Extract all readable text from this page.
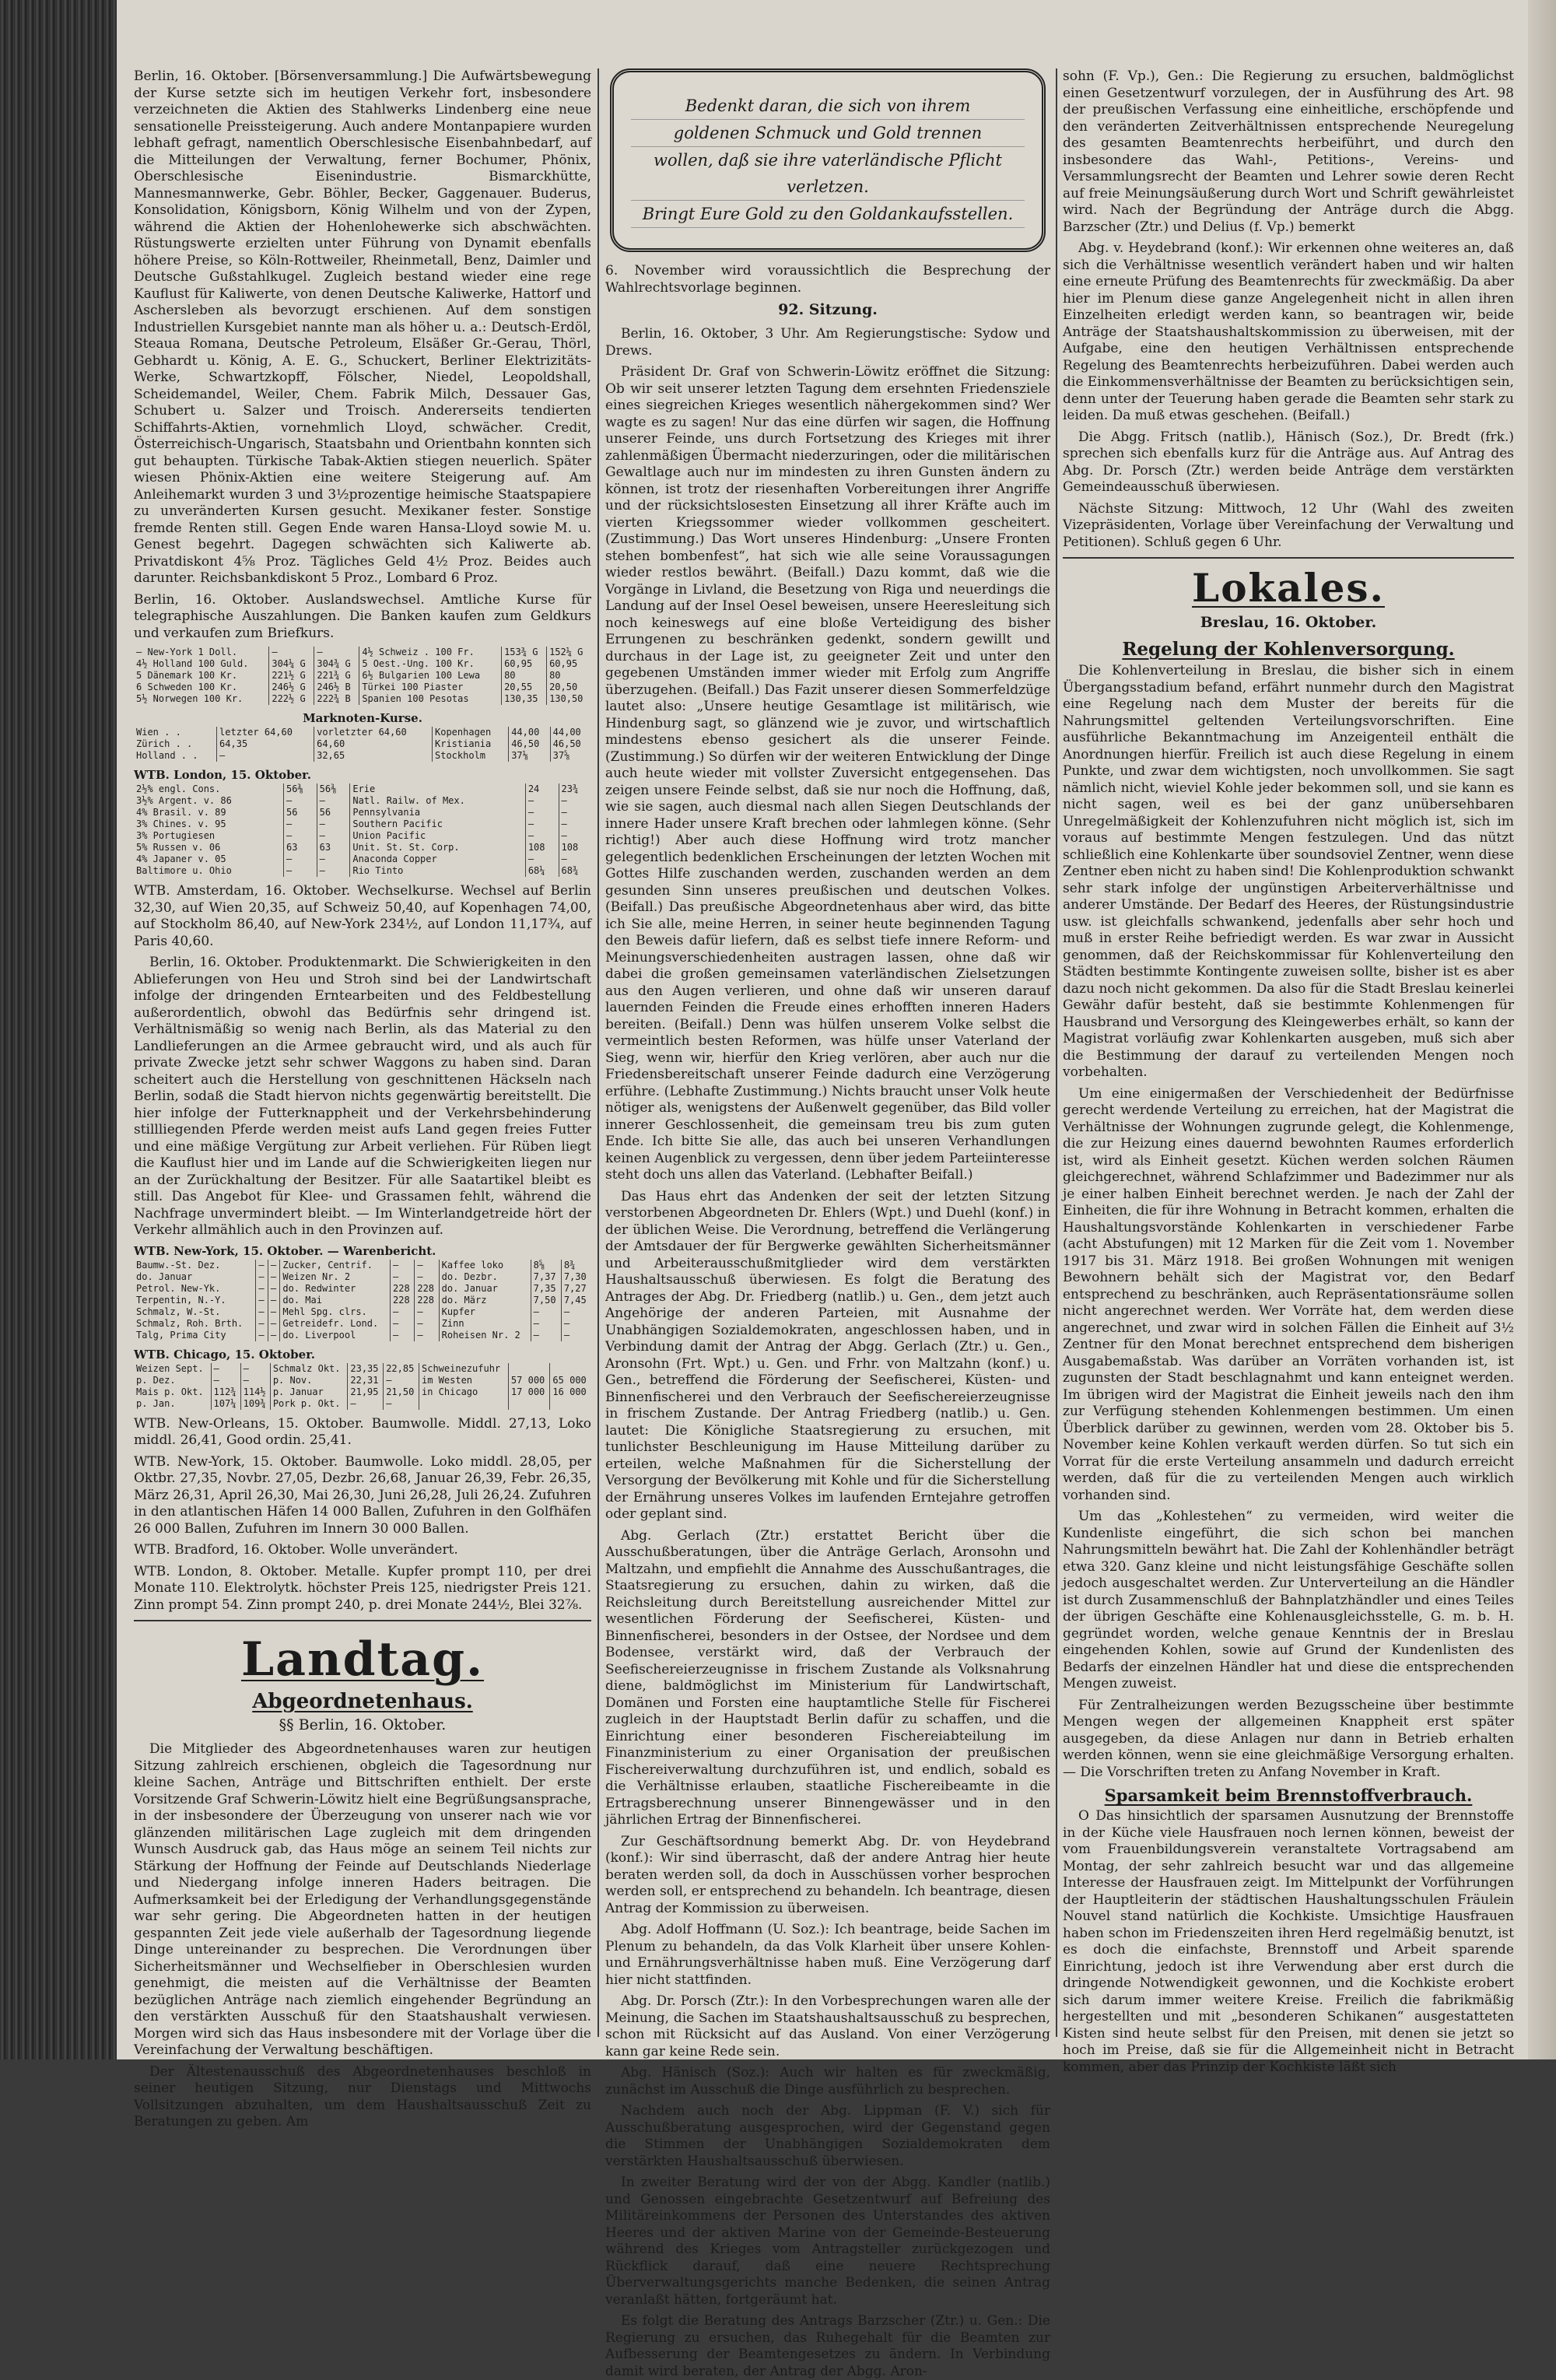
Berlin, 16. Oktober. [Börsenversammlung.] Die Aufwärtsbewegung der Kurse setzte sich im heutigen Verkehr fort, insbesondere verzeichneten die Aktien des Stahlwerks Lindenberg eine neue sensationelle Preissteigerung. Auch andere Montanpapiere wurden lebhaft gefragt, namentlich Oberschlesische Eisenbahnbedarf, auf die Mitteilungen der Verwaltung, ferner Bochumer, Phönix, Oberschlesische Eisenindustrie. Bismarckhütte, Mannesmannwerke, Gebr. Böhler, Becker, Gaggenauer. Buderus, Konsolidation, Königsborn, König Wilhelm und von der Zypen, während die Aktien der Hohenlohewerke sich abschwächten. Rüstungswerte erzielten unter Führung von Dynamit ebenfalls höhere Preise, so Köln-Rottweiler, Rheinmetall, Benz, Daimler und Deutsche Gußstahlkugel. Zugleich bestand wieder eine rege Kauflust für Kaliwerte, von denen Deutsche Kaliwerke, Hattorf und Aschersleben als bevorzugt erschienen. Auf dem sonstigen Industriellen Kursgebiet nannte man als höher u. a.: Deutsch-Erdöl, Steaua Romana, Deutsche Petroleum, Elsäßer Gr.-Gerau, Thörl, Gebhardt u. König, A. E. G., Schuckert, Berliner Elektrizitäts-Werke, Schwartzkopff, Fölscher, Niedel, Leopoldshall, Scheidemandel, Weiler, Chem. Fabrik Milch, Dessauer Gas, Schubert u. Salzer und Troisch. Andererseits tendierten Schiffahrts-Aktien, vornehmlich Lloyd, schwächer. Credit, Österreichisch-Ungarisch, Staatsbahn und Orientbahn konnten sich gut behaupten. Türkische Tabak-Aktien stiegen neuerlich. Später wiesen Phönix-Aktien eine weitere Steigerung auf. Am Anleihemarkt wurden 3 und 3½prozentige heimische Staatspapiere zu unveränderten Kursen gesucht. Mexikaner fester. Sonstige fremde Renten still. Gegen Ende waren Hansa-Lloyd sowie M. u. Genest begehrt. Dagegen schwächten sich Kaliwerte ab. Privatdiskont 4⅝ Proz. Tägliches Geld 4½ Proz. Beides auch darunter. Reichsbankdiskont 5 Proz., Lombard 6 Proz.

Berlin, 16. Oktober. Auslandswechsel. Amtliche Kurse für telegraphische Auszahlungen. Die Banken kaufen zum Geldkurs und verkaufen zum Briefkurs.

— New-York 1 Doll.	—	—	4½ Schweiz . 100 Fr.	153¾ G	152¼ G
4½ Holland 100 Guld.	304¼ G	304¾ G	5 Oest.-Ung. 100 Kr.	60,95	60,95
5 Dänemark 100 Kr.	221½ G	221¾ G	6½ Bulgarien 100 Lewa	80	80
6 Schweden 100 Kr.	246½ G	246½ B	Türkei 100 Piaster	20,55	20,50
5½ Norwegen 100 Kr.	222½ G	222¾ B	Spanien 100 Pesotas	130,35	130,50
Marknoten-Kurse.
Wien . .	letzter 64,60	vorletzter 64,60	Kopenhagen	44,00	44,00
Zürich . .	64,35	64,60	Kristiania	46,50	46,50
Holland . .	—	32,65	Stockholm	37⅛	37⅝
WTB. London, 15. Oktober.
2½% engl. Cons.	56⅜	56⅜	Erie	24	23¾
3½% Argent. v. 86	—	—	Natl. Railw. of Mex.	—	—
4% Brasil. v. 89	56	56	Pennsylvania	—	—
3% Chines. v. 95	—	—	Southern Pacific	—	—
3% Portugiesen	—	—	Union Pacific	—	—
5% Russen v. 06	63	63	Unit. St. St. Corp.	108	108
4% Japaner v. 05	—	—	Anaconda Copper	—	—
Baltimore u. Ohio	—	—	Rio Tinto	68¼	68¾

WTB. Amsterdam, 16. Oktober. Wechselkurse. Wechsel auf Berlin 32,30, auf Wien 20,35, auf Schweiz 50,40, auf Kopenhagen 74,00, auf Stockholm 86,40, auf New-York 234½, auf London 11,17¾, auf Paris 40,60.

Berlin, 16. Oktober. Produktenmarkt. Die Schwierigkeiten in den Ablieferungen von Heu und Stroh sind bei der Landwirtschaft infolge der dringenden Erntearbeiten und des Feldbestellung außerordentlich, obwohl das Bedürfnis sehr dringend ist. Verhältnismäßig so wenig nach Berlin, als das Material zu den Landlieferungen an die Armee gebraucht wird, und als auch für private Zwecke jetzt sehr schwer Waggons zu haben sind. Daran scheitert auch die Herstellung von geschnittenen Häckseln nach Berlin, sodaß die Stadt hiervon nichts gegenwärtig bereitstellt. Die hier infolge der Futterknappheit und der Verkehrsbehinderung stillliegenden Pferde werden meist aufs Land gegen freies Futter und eine mäßige Vergütung zur Arbeit verliehen. Für Rüben liegt die Kauflust hier und im Lande auf die Schwierigkeiten liegen nur an der Zurückhaltung der Besitzer. Für alle Saatartikel bleibt es still. Das Angebot für Klee- und Grassamen fehlt, während die Nachfrage unvermindert bleibt. — Im Winterlandgetreide hört der Verkehr allmählich auch in den Provinzen auf.

WTB. New-York, 15. Oktober. — Warenbericht.
Baumw.-St. Dez.	—	—	Zucker, Centrif.	—	—	Kaffee loko	8⅝	8¾
do. Januar	—	—	Weizen Nr. 2	—	—	do. Dezbr.	7,37	7,30
Petrol. New-Yk.	—	—	do. Redwinter	228	228	do. Januar	7,35	7,27
Terpentin, N.-Y.	—	—	do. Mai	228	228	do. März	7,50	7,45
Schmalz, W.-St.	—	—	Mehl Spg. clrs.	—	—	Kupfer	—	—
Schmalz, Roh. Brth.	—	—	Getreidefr. Lond.	—	—	Zinn	—	—
Talg, Prima City	—	—	do. Liverpool	—	—	Roheisen Nr. 2	—	—
WTB. Chicago, 15. Oktober.
Weizen Sept.	—	—	Schmalz Okt.	23,35	22,85	Schweinezufuhr		
p. Dez.	—	—	p. Nov.	22,31	—	im Westen	57 000	65 000
Mais p. Okt.	112¾	114½	p. Januar	21,95	21,50	in Chicago	17 000	16 000
p. Jan.	107¼	109¾	Pork p. Okt.	—	—			

WTB. New-Orleans, 15. Oktober. Baumwolle. Middl. 27,13, Loko middl. 26,41, Good ordin. 25,41.

WTB. New-York, 15. Oktober. Baumwolle. Loko middl. 28,05, per Oktbr. 27,35, Novbr. 27,05, Dezbr. 26,68, Januar 26,39, Febr. 26,35, März 26,31, April 26,30, Mai 26,30, Juni 26,28, Juli 26,24. Zufuhren in den atlantischen Häfen 14 000 Ballen, Zufuhren in den Golfhäfen 26 000 Ballen, Zufuhren im Innern 30 000 Ballen.

WTB. Bradford, 16. Oktober. Wolle unverändert.

WTB. London, 8. Oktober. Metalle. Kupfer prompt 110, per drei Monate 110. Elektrolytk. höchster Preis 125, niedrigster Preis 121. Zinn prompt 54. Zinn prompt 240, p. drei Monate 244½, Blei 32⅞.

Landtag.
Abgeordnetenhaus.
§§ Berlin, 16. Oktober.

Die Mitglieder des Abgeordnetenhauses waren zur heutigen Sitzung zahlreich erschienen, obgleich die Tagesordnung nur kleine Sachen, Anträge und Bittschriften enthielt. Der erste Vorsitzende Graf Schwerin-Löwitz hielt eine Begrüßungsansprache, in der insbesondere der Überzeugung von unserer nach wie vor glänzenden militärischen Lage zugleich mit dem dringenden Wunsch Ausdruck gab, das Haus möge an seinem Teil nichts zur Stärkung der Hoffnung der Feinde auf Deutschlands Niederlage und Niedergang infolge inneren Haders beitragen. Die Aufmerksamkeit bei der Erledigung der Verhandlungsgegenstände war sehr gering. Die Abgeordneten hatten in der heutigen gespannten Zeit jede viele außerhalb der Tagesordnung liegende Dinge untereinander zu besprechen. Die Verordnungen über Sicherheitsmänner und Wechselfieber in Oberschlesien wurden genehmigt, die meisten auf die Verhältnisse der Beamten bezüglichen Anträge nach ziemlich eingehender Begründung an den verstärkten Ausschuß für den Staatshaushalt verwiesen. Morgen wird sich das Haus insbesondere mit der Vorlage über die Vereinfachung der Verwaltung beschäftigen.

Der Ältestenausschuß des Abgeordnetenhauses beschloß in seiner heutigen Sitzung, nur Dienstags und Mittwochs Vollsitzungen abzuhalten, um dem Haushaltsausschuß Zeit zu Beratungen zu geben. Am

Bedenkt daran, die sich von ihrem
goldenen Schmuck und Gold trennen
wollen, daß sie ihre vaterländische Pflicht verletzen.
Bringt Eure Gold zu den Goldankaufsstellen.

6. November wird voraussichtlich die Besprechung der Wahlrechtsvorlage beginnen.

92. Sitzung.

Berlin, 16. Oktober, 3 Uhr. Am Regierungstische: Sydow und Drews.

Präsident Dr. Graf von Schwerin-Löwitz eröffnet die Sitzung: Ob wir seit unserer letzten Tagung dem ersehnten Friedensziele eines siegreichen Krieges wesentlich nähergekommen sind? Wer wagte es zu sagen! Nur das eine dürfen wir sagen, die Hoffnung unserer Feinde, uns durch Fortsetzung des Krieges mit ihrer zahlenmäßigen Übermacht niederzuringen, oder die militärischen Gewaltlage auch nur im mindesten zu ihren Gunsten ändern zu können, ist trotz der riesenhaften Vorbereitungen ihrer Angriffe und der rücksichtslosesten Einsetzung all ihrer Kräfte auch im vierten Kriegssommer wieder vollkommen gescheitert. (Zustimmung.) Das Wort unseres Hindenburg: „Unsere Fronten stehen bombenfest“, hat sich wie alle seine Voraussagungen wieder restlos bewährt. (Beifall.) Dazu kommt, daß wie die Vorgänge in Livland, die Besetzung von Riga und neuerdings die Landung auf der Insel Oesel beweisen, unsere Heeresleitung sich noch keineswegs auf eine bloße Verteidigung des bisher Errungenen zu beschränken gedenkt, sondern gewillt und durchaus in der Lage ist, zu geeigneter Zeit und unter den gegebenen Umständen immer wieder mit Erfolg zum Angriffe überzugehen. (Beifall.) Das Fazit unserer diesen Sommerfeldzüge lautet also: „Unsere heutige Gesamtlage ist militärisch, wie Hindenburg sagt, so glänzend wie je zuvor, und wirtschaftlich mindestens ebenso gesichert als die unserer Feinde. (Zustimmung.) So dürfen wir der weiteren Entwicklung der Dinge auch heute wieder mit vollster Zuversicht entgegensehen. Das zeigen unsere Feinde selbst, daß sie nur noch die Hoffnung, daß, wie sie sagen, auch diesmal nach allen Siegen Deutschlands der innere Hader unsere Kraft brechen oder lahmlegen könne. (Sehr richtig!) Aber auch diese Hoffnung wird trotz mancher gelegentlich bedenklichen Erscheinungen der letzten Wochen mit Gottes Hilfe zuschanden werden, zuschanden werden an dem gesunden Sinn unseres preußischen und deutschen Volkes. (Beifall.) Das preußische Abgeordnetenhaus aber wird, das bitte ich Sie alle, meine Herren, in seiner heute beginnenden Tagung den Beweis dafür liefern, daß es selbst tiefe innere Reform- und Meinungsverschiedenheiten austragen lassen, ohne daß wir dabei die großen gemeinsamen vaterländischen Zielsetzungen aus den Augen verlieren, und ohne daß wir unseren darauf lauernden Feinden die Freude eines erhofften inneren Haders bereiten. (Beifall.) Denn was hülfen unserem Volke selbst die vermeintlich besten Reformen, was hülfe unser Vaterland der Sieg, wenn wir, hierfür den Krieg verlören, aber auch nur die Friedensbereitschaft unserer Feinde dadurch eine Verzögerung erführe. (Lebhafte Zustimmung.) Nichts braucht unser Volk heute nötiger als, wenigstens der Außenwelt gegenüber, das Bild voller innerer Geschlossenheit, die gemeinsam treu bis zum guten Ende. Ich bitte Sie alle, das auch bei unseren Verhandlungen keinen Augenblick zu vergessen, denn über jedem Parteiinteresse steht doch uns allen das Vaterland. (Lebhafter Beifall.)

Das Haus ehrt das Andenken der seit der letzten Sitzung verstorbenen Abgeordneten Dr. Ehlers (Wpt.) und Duehl (konf.) in der üblichen Weise. Die Verordnung, betreffend die Verlängerung der Amtsdauer der für Bergwerke gewählten Sicherheitsmänner und Arbeiterausschußmitglieder wird dem verstärkten Haushaltsausschuß überwiesen. Es folgt die Beratung des Antrages der Abg. Dr. Friedberg (natlib.) u. Gen., dem jetzt auch Angehörige der anderen Parteien, mit Ausnahme der Unabhängigen Sozialdemokraten, angeschlossen haben, und in Verbindung damit der Antrag der Abgg. Gerlach (Ztr.) u. Gen., Aronsohn (Frt. Wpt.) u. Gen. und Frhr. von Maltzahn (konf.) u. Gen., betreffend die Förderung der Seefischerei, Küsten- und Binnenfischerei und den Verbrauch der Seefischereierzeugnisse in frischem Zustande. Der Antrag Friedberg (natlib.) u. Gen. lautet: Die Königliche Staatsregierung zu ersuchen, mit tunlichster Beschleunigung im Hause Mitteilung darüber zu erteilen, welche Maßnahmen für die Sicherstellung der Versorgung der Bevölkerung mit Kohle und für die Sicherstellung der Ernährung unseres Volkes im laufenden Erntejahre getroffen oder geplant sind.

Abg. Gerlach (Ztr.) erstattet Bericht über die Ausschußberatungen, über die Anträge Gerlach, Aronsohn und Maltzahn, und empfiehlt die Annahme des Ausschußantrages, die Staatsregierung zu ersuchen, dahin zu wirken, daß die Reichsleitung durch Bereitstellung ausreichender Mittel zur wesentlichen Förderung der Seefischerei, Küsten- und Binnenfischerei, besonders in der Ostsee, der Nordsee und dem Bodensee, verstärkt wird, daß der Verbrauch der Seefischereierzeugnisse in frischem Zustande als Volksnahrung diene, baldmöglichst im Ministerium für Landwirtschaft, Domänen und Forsten eine hauptamtliche Stelle für Fischerei zugleich in der Hauptstadt Berlin dafür zu schaffen, und die Einrichtung einer besonderen Fischereiabteilung im Finanzministerium zu einer Organisation der preußischen Fischereiverwaltung durchzuführen ist, und endlich, sobald es die Verhältnisse erlauben, staatliche Fischereibeamte in die Ertragsberechnung unserer Binnengewässer und in den jährlichen Ertrag der Binnenfischerei.

Zur Geschäftsordnung bemerkt Abg. Dr. von Heydebrand (konf.): Wir sind überrascht, daß der andere Antrag hier heute beraten werden soll, da doch in Ausschüssen vorher besprochen werden soll, er entsprechend zu behandeln. Ich beantrage, diesen Antrag der Kommission zu überweisen.

Abg. Adolf Hoffmann (U. Soz.): Ich beantrage, beide Sachen im Plenum zu behandeln, da das Volk Klarheit über unsere Kohlen- und Ernährungsverhältnisse haben muß. Eine Verzögerung darf hier nicht stattfinden.

Abg. Dr. Porsch (Ztr.): In den Vorbesprechungen waren alle der Meinung, die Sachen im Staatshaushaltsausschuß zu besprechen, schon mit Rücksicht auf das Ausland. Von einer Verzögerung kann gar keine Rede sein.

Abg. Hänisch (Soz.): Auch wir halten es für zweckmäßig, zunächst im Ausschuß die Dinge ausführlich zu besprechen.

Nachdem auch noch der Abg. Lippman (F. V.) sich für Ausschußberatung ausgesprochen, wird der Gegenstand gegen die Stimmen der Unabhängigen Sozialdemokraten dem verstärkten Haushaltsausschuß überwiesen.

In zweiter Beratung wird der von der Abgg. Kandler (natlib.) und Genossen eingebrachte Gesetzentwurf auf Befreiung des Militäreinkommens der Personen des Unterstandes des aktiven Heeres und der aktiven Marine von der Gemeinde-Besteuerung während des Krieges vom Antragsteller zurückgezogen und Rückflick darauf, daß eine neuere Rechtsprechung Überverwaltungsgerichts manche Bedenken, die seinen Antrag veranlaßt hätten, fortgeräumt hat.

Es folgt die Beratung des Antrags Barzscher (Ztr.) u. Gen.: Die Regierung zu ersuchen, das Ruhegehalt für die Beamten zur Aufbesserung der Beamtengesetzes zu ändern. In Verbindung damit wird beraten, der Antrag der Abgg. Aron-

sohn (F. Vp.), Gen.: Die Regierung zu ersuchen, baldmöglichst einen Gesetzentwurf vorzulegen, der in Ausführung des Art. 98 der preußischen Verfassung eine einheitliche, erschöpfende und den veränderten Zeitverhältnissen entsprechende Neuregelung des gesamten Beamtenrechts herbeiführt, und durch den insbesondere das Wahl-, Petitions-, Vereins- und Versammlungsrecht der Beamten und Lehrer sowie deren Recht auf freie Meinungsäußerung durch Wort und Schrift gewährleistet wird. Nach der Begründung der Anträge durch die Abgg. Barzscher (Ztr.) und Delius (f. Vp.) bemerkt

Abg. v. Heydebrand (konf.): Wir erkennen ohne weiteres an, daß sich die Verhältnisse wesentlich verändert haben und wir halten eine erneute Prüfung des Beamtenrechts für zweckmäßig. Da aber hier im Plenum diese ganze Angelegenheit nicht in allen ihren Einzelheiten erledigt werden kann, so beantragen wir, beide Anträge der Staatshaushaltskommission zu überweisen, mit der Aufgabe, eine den heutigen Verhältnissen entsprechende Regelung des Beamtenrechts herbeizuführen. Dabei werden auch die Einkommensverhältnisse der Beamten zu berücksichtigen sein, denn unter der Teuerung haben gerade die Beamten sehr stark zu leiden. Da muß etwas geschehen. (Beifall.)

Die Abgg. Fritsch (natlib.), Hänisch (Soz.), Dr. Bredt (frk.) sprechen sich ebenfalls kurz für die Anträge aus. Auf Antrag des Abg. Dr. Porsch (Ztr.) werden beide Anträge dem verstärkten Gemeindeausschuß überwiesen.

Nächste Sitzung: Mittwoch, 12 Uhr (Wahl des zweiten Vizepräsidenten, Vorlage über Vereinfachung der Verwaltung und Petitionen). Schluß gegen 6 Uhr.

Lokales.
Breslau, 16. Oktober.
Regelung der Kohlenversorgung.

Die Kohlenverteilung in Breslau, die bisher sich in einem Übergangsstadium befand, erfährt nunmehr durch den Magistrat eine Regelung nach dem Muster der bereits für die Nahrungsmittel geltenden Verteilungsvorschriften. Eine ausführliche Bekanntmachung im Anzeigenteil enthält die Anordnungen hierfür. Freilich ist auch diese Regelung in einem Punkte, und zwar dem wichtigsten, noch unvollkommen. Sie sagt nämlich nicht, wieviel Kohle jeder bekommen soll, und sie kann es nicht sagen, weil es bei der ganz unübersehbaren Unregelmäßigkeit der Kohlenzufuhren nicht möglich ist, sich im voraus auf bestimmte Mengen festzulegen. Und das nützt schließlich eine Kohlenkarte über soundsoviel Zentner, wenn diese Zentner eben nicht zu haben sind! Die Kohlenproduktion schwankt sehr stark infolge der ungünstigen Arbeiterverhältnisse und anderer Umstände. Der Bedarf des Heeres, der Rüstungsindustrie usw. ist gleichfalls schwankend, jedenfalls aber sehr hoch und muß in erster Reihe befriedigt werden. Es war zwar in Aussicht genommen, daß der Reichskommissar für Kohlenverteilung den Städten bestimmte Kontingente zuweisen sollte, bisher ist es aber dazu noch nicht gekommen. Da also für die Stadt Breslau keinerlei Gewähr dafür besteht, daß sie bestimmte Kohlenmengen für Hausbrand und Versorgung des Kleingewerbes erhält, so kann der Magistrat vorläufig zwar Kohlenkarten ausgeben, muß sich aber die Bestimmung der darauf zu verteilenden Mengen noch vorbehalten.

Um eine einigermaßen der Verschiedenheit der Bedürfnisse gerecht werdende Verteilung zu erreichen, hat der Magistrat die Verhältnisse der Wohnungen zugrunde gelegt, die Kohlenmenge, die zur Heizung eines dauernd bewohnten Raumes erforderlich ist, wird als Einheit gesetzt. Küchen werden solchen Räumen gleichgerechnet, während Schlafzimmer und Badezimmer nur als je einer halben Einheit berechnet werden. Je nach der Zahl der Einheiten, die für ihre Wohnung in Betracht kommen, erhalten die Haushaltungsvorstände Kohlenkarten in verschiedener Farbe (acht Abstufungen) mit 12 Marken für die Zeit vom 1. November 1917 bis 31. März 1918. Bei großen Wohnungen mit wenigen Bewohnern behält sich der Magistrat vor, den Bedarf entsprechend zu beschränken, auch Repräsentationsräume sollen nicht angerechnet werden. Wer Vorräte hat, dem werden diese angerechnet, und zwar wird in solchen Fällen die Einheit auf 3½ Zentner für den Monat berechnet entsprechend dem bisherigen Ausgabemaßstab. Was darüber an Vorräten vorhanden ist, ist zugunsten der Stadt beschlagnahmt und kann enteignet werden. Im übrigen wird der Magistrat die Einheit jeweils nach den ihm zur Verfügung stehenden Kohlenmengen bestimmen. Um einen Überblick darüber zu gewinnen, werden vom 28. Oktober bis 5. November keine Kohlen verkauft werden dürfen. So tut sich ein Vorrat für die erste Verteilung ansammeln und dadurch erreicht werden, daß für die zu verteilenden Mengen auch wirklich vorhanden sind.

Um das „Kohlestehen“ zu vermeiden, wird weiter die Kundenliste eingeführt, die sich schon bei manchen Nahrungsmitteln bewährt hat. Die Zahl der Kohlenhändler beträgt etwa 320. Ganz kleine und nicht leistungsfähige Geschäfte sollen jedoch ausgeschaltet werden. Zur Unterverteilung an die Händler ist durch Zusammenschluß der Bahnplatzhändler und eines Teiles der übrigen Geschäfte eine Kohlenausgleichsstelle, G. m. b. H. gegründet worden, welche genaue Kenntnis der in Breslau eingehenden Kohlen, sowie auf Grund der Kundenlisten des Bedarfs der einzelnen Händler hat und diese die entsprechenden Mengen zuweist.

Für Zentralheizungen werden Bezugsscheine über bestimmte Mengen wegen der allgemeinen Knappheit erst später ausgegeben, da diese Anlagen nur dann in Betrieb erhalten werden können, wenn sie eine gleichmäßige Versorgung erhalten. — Die Vorschriften treten zu Anfang November in Kraft.

Sparsamkeit beim Brennstoffverbrauch.

O Das hinsichtlich der sparsamen Ausnutzung der Brennstoffe in der Küche viele Hausfrauen noch lernen können, beweist der vom Frauenbildungsverein veranstaltete Vortragsabend am Montag, der sehr zahlreich besucht war und das allgemeine Interesse der Hausfrauen zeigt. Im Mittelpunkt der Vorführungen der Hauptleiterin der städtischen Haushaltungsschulen Fräulein Nouvel stand natürlich die Kochkiste. Umsichtige Hausfrauen haben schon im Friedenszeiten ihren Herd regelmäßig benutzt, ist es doch die einfachste, Brennstoff und Arbeit sparende Einrichtung, jedoch ist ihre Verwendung aber erst durch die dringende Notwendigkeit gewonnen, und die Kochkiste erobert sich darum immer weitere Kreise. Freilich die fabrikmäßig hergestellten und mit „besonderen Schikanen“ ausgestatteten Kisten sind heute selbst für den Preisen, mit denen sie jetzt so hoch im Preise, daß sie für die Allgemeinheit nicht in Betracht kommen, aber das Prinzip der Kochkiste läßt sich
